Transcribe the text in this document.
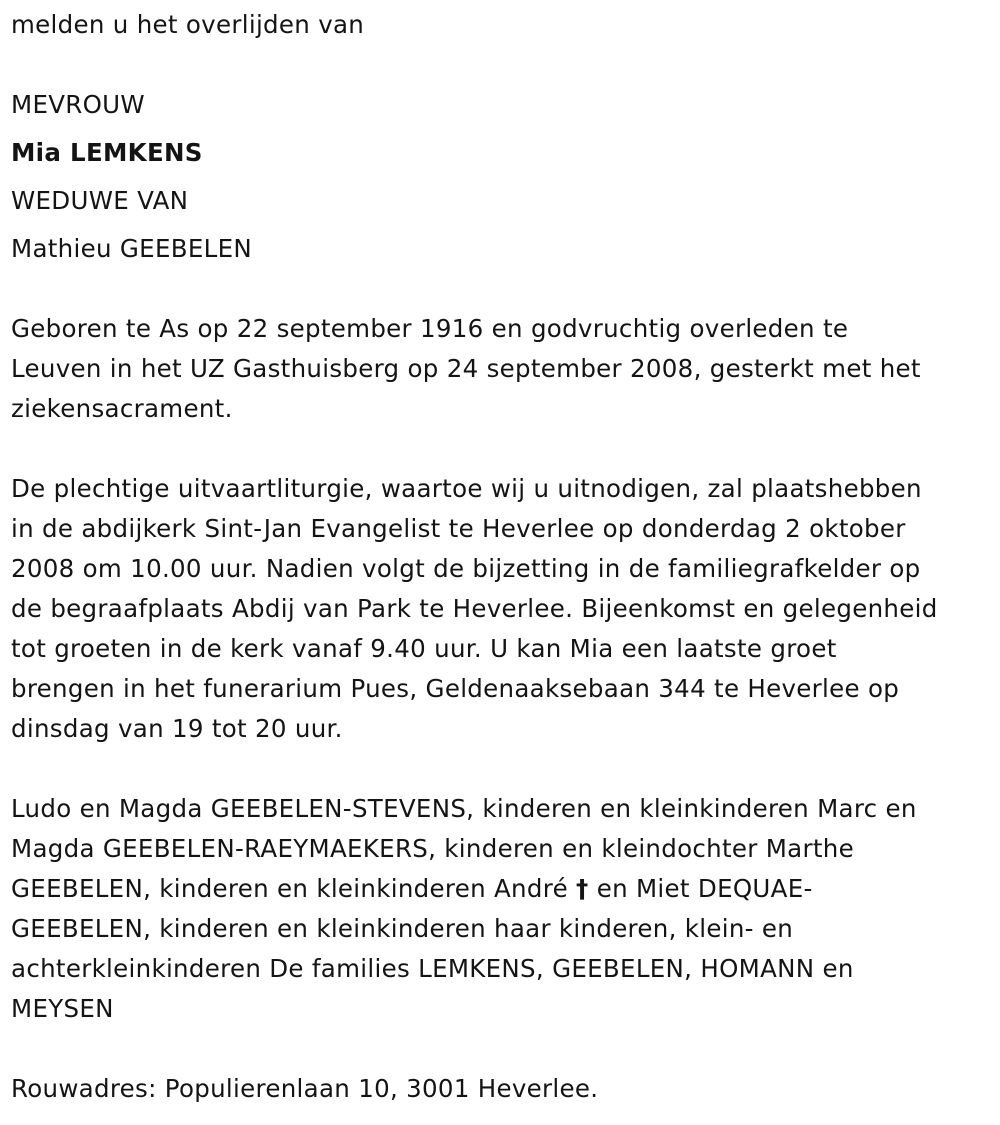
melden u het overlijden van
MEVROUW
Mia LEMKENS
WEDUWE VAN
Mathieu GEEBELEN
Geboren te As op 22 september 1916 en godvruchtig overleden te
Leuven in het UZ Gasthuisberg op 24 september 2008, gesterkt met het
ziekensacrament.
De plechtige uitvaartliturgie, waartoe wij u uitnodigen, zal plaatshebben
in de abdijkerk Sint-Jan Evangelist te Heverlee op donderdag 2 oktober
2008 om 10.00 uur. Nadien volgt de bijzetting in de familiegrafkelder op
de begraafplaats Abdij van Park te Heverlee. Bijeenkomst en gelegenheid
tot groeten in de kerk vanaf 9.40 uur. U kan Mia een laatste groet
brengen in het funerarium Pues, Geldenaaksebaan 344 te Heverlee op
dinsdag van 19 tot 20 uur.
Ludo en Magda GEEBELEN-STEVENS, kinderen en kleinkinderen Marc en
Magda GEEBELEN-RAEYMAEKERS, kinderen en kleindochter Marthe
GEEBELEN, kinderen en kleinkinderen André † en Miet DEQUAE-
GEEBELEN, kinderen en kleinkinderen haar kinderen, klein- en
achterkleinkinderen De families LEMKENS, GEEBELEN, HOMANN en
MEYSEN
Rouwadres: Populierenlaan 10, 3001 Heverlee.
